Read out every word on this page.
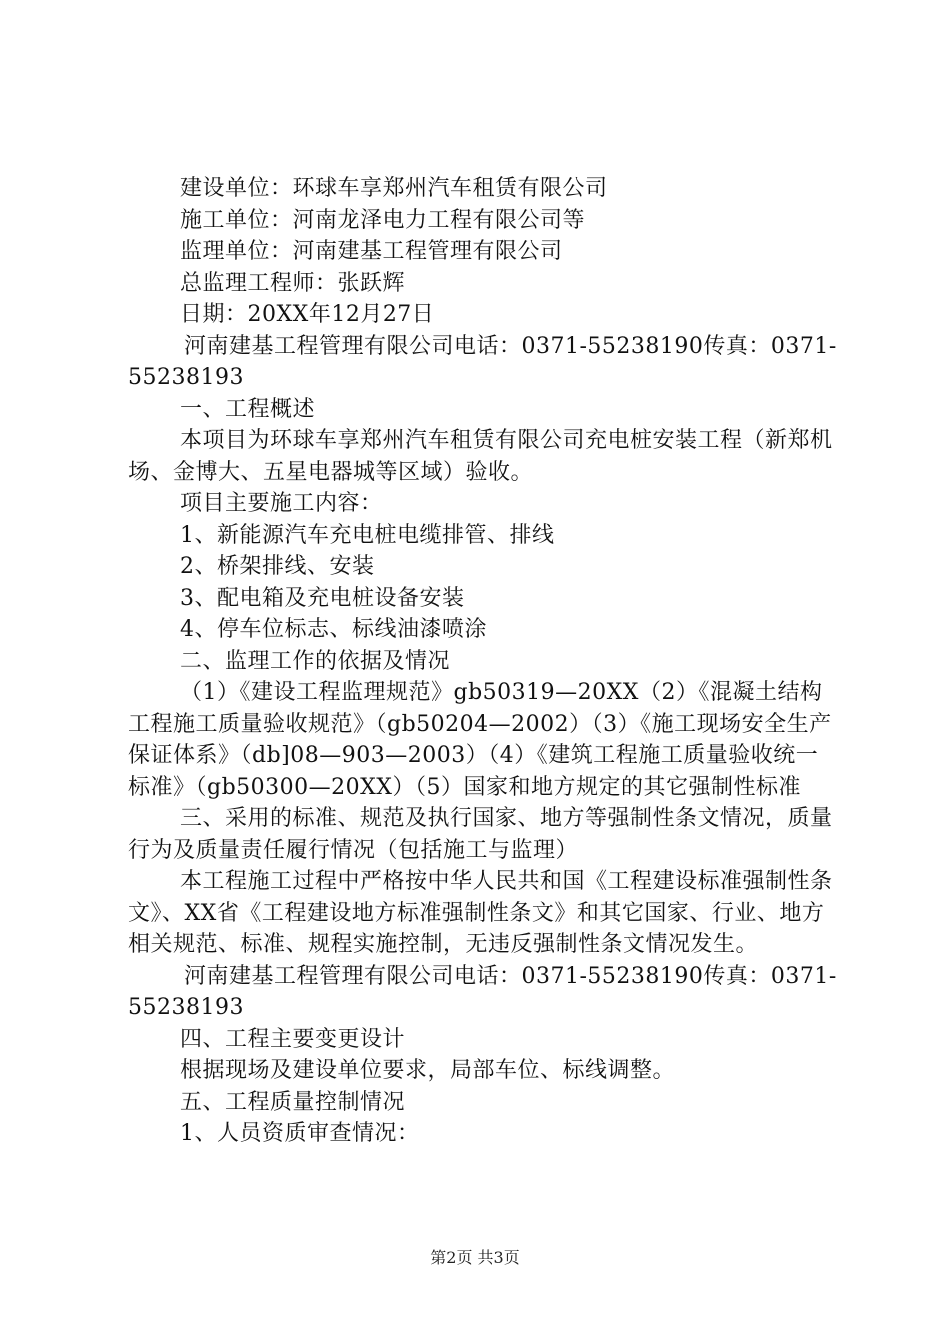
建设单位：环球车享郑州汽车租赁有限公司

施工单位：河南龙泽电力工程有限公司等

监理单位：河南建基工程管理有限公司

总监理工程师：张跃辉

日期：20XX年12月27日

河南建基工程管理有限公司电话：0371-55238190传真：0371-55238193

一、工程概述

本项目为环球车享郑州汽车租赁有限公司充电桩安装工程（新郑机场、金博大、五星电器城等区域）验收。

项目主要施工内容：

1、新能源汽车充电桩电缆排管、排线

2、桥架排线、安装

3、配电箱及充电桩设备安装

4、停车位标志、标线油漆喷涂

二、监理工作的依据及情况

（1）《建设工程监理规范》gb50319—20XX（2）《混凝土结构工程施工质量验收规范》（gb50204—2002）（3）《施工现场安全生产保证体系》（db]08—903—2003）（4）《建筑工程施工质量验收统一标准》（gb50300—20XX）（5）国家和地方规定的其它强制性标准

三、采用的标准、规范及执行国家、地方等强制性条文情况，质量行为及质量责任履行情况（包括施工与监理）

本工程施工过程中严格按中华人民共和国《工程建设标准强制性条文》、XX省《工程建设地方标准强制性条文》和其它国家、行业、地方相关规范、标准、规程实施控制，无违反强制性条文情况发生。

河南建基工程管理有限公司电话：0371-55238190传真：0371-55238193

四、工程主要变更设计

根据现场及建设单位要求，局部车位、标线调整。

五、工程质量控制情况

1、人员资质审查情况：

第2页 共3页
